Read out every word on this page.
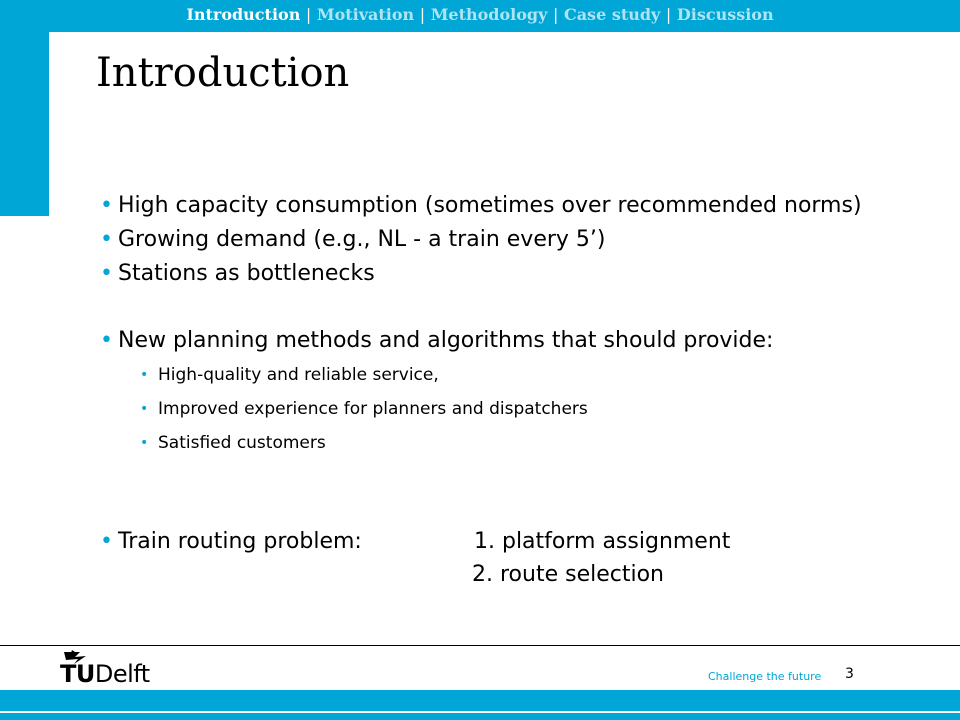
Introduction | Motivation | Methodology | Case study | Discussion
Introduction
• High capacity consumption (sometimes over recommended norms)
• Growing demand (e.g., NL - a train every 5’)
• Stations as bottlenecks
• New planning methods and algorithms that should provide:
• High-quality and reliable service,
• Improved experience for planners and dispatchers
• Satisfied customers
• Train routing problem:	1. platform assignment
2. route selection
TUDelft	Challenge the future 3
